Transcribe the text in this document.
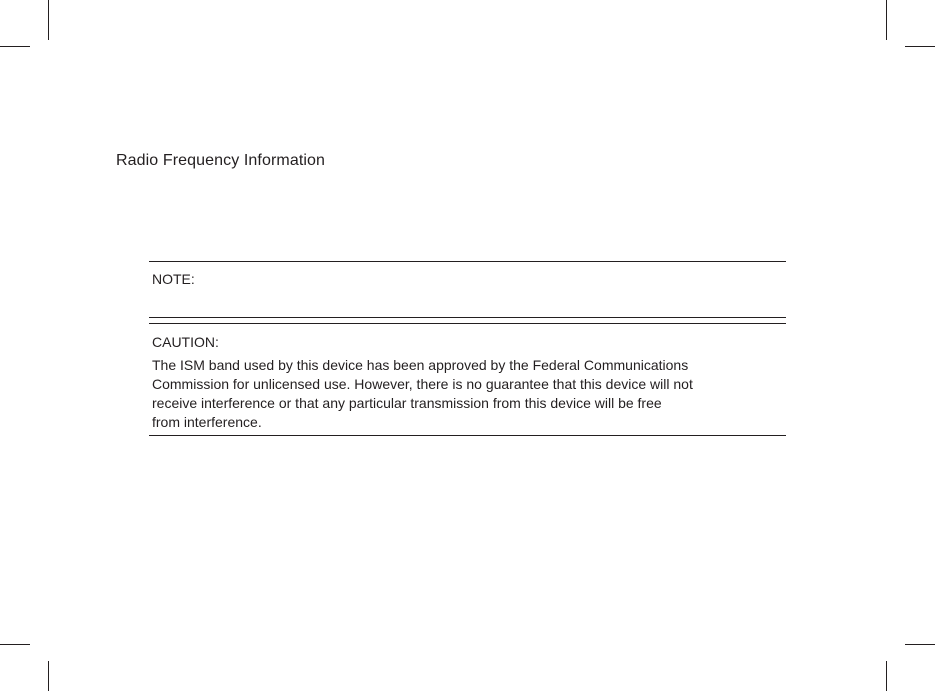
Radio Frequency Information
NOTE:
CAUTION:

The ISM band used by this device has been approved by the Federal Communications
Commission for unlicensed use. However, there is no guarantee that this device will not
receive interference or that any particular transmission from this device will be free
from interference.
